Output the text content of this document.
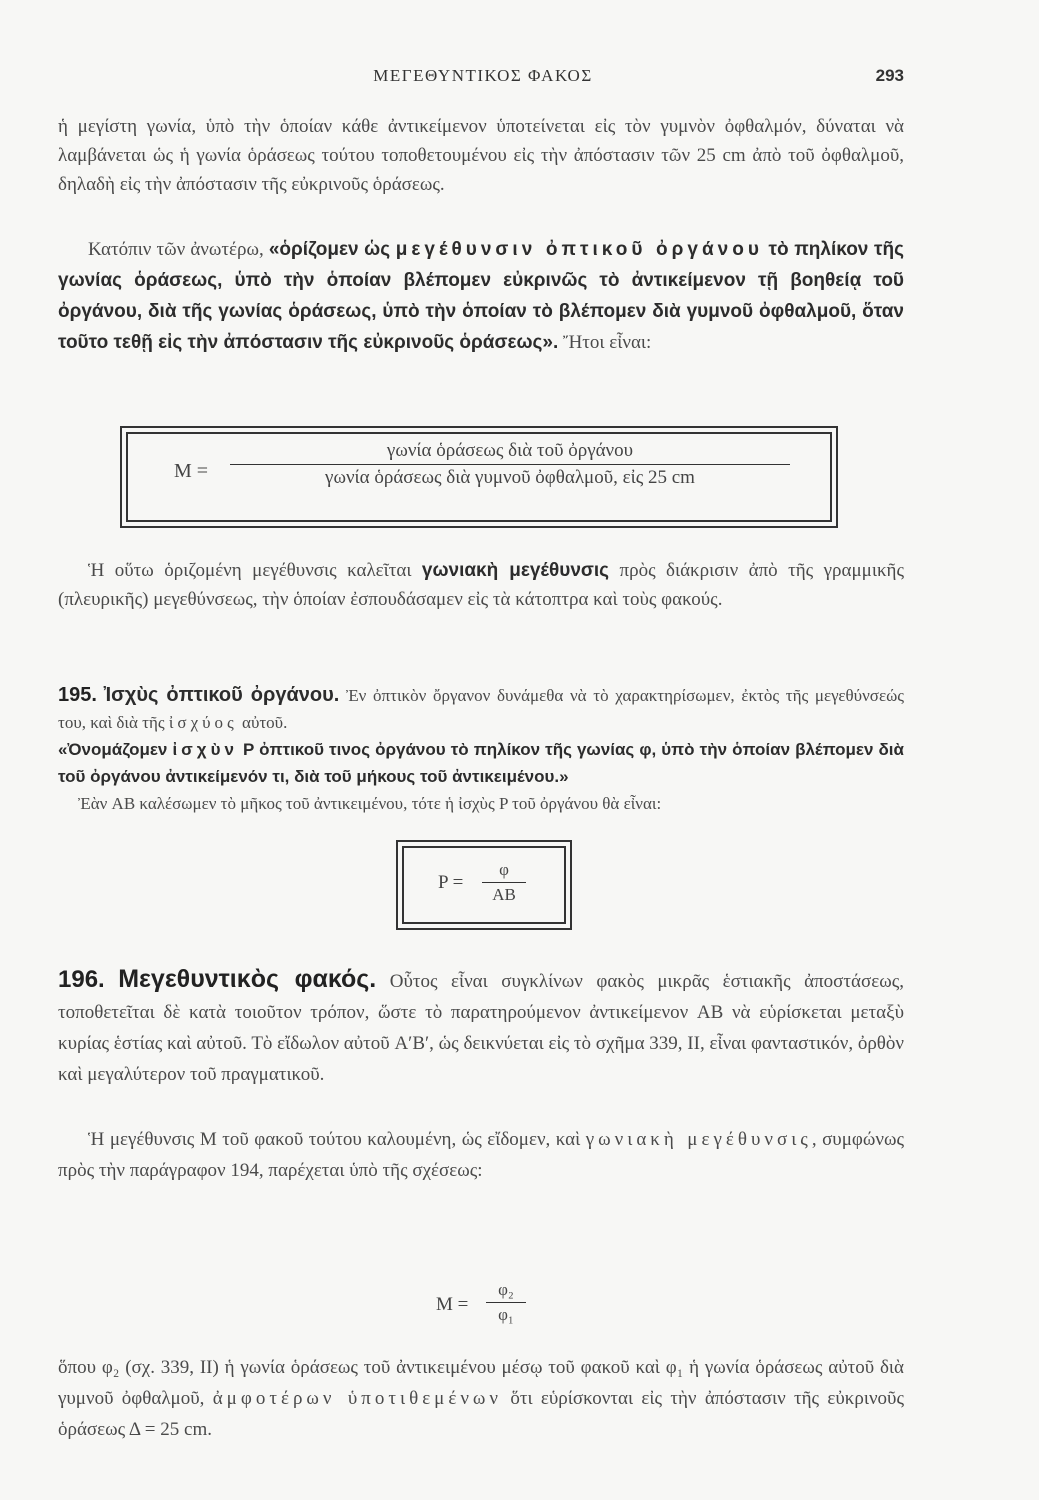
ΜΕΓΕΘΥΝΤΙΚΟΣ ΦΑΚΟΣ	293

ἡ μεγίστη γωνία, ὑπὸ τὴν ὁποίαν κάθε ἀντικείμενον ὑποτείνεται εἰς τὸν γυμνὸν ὀφθαλμόν, δύναται νὰ λαμβάνεται ὡς ἡ γωνία ὁράσεως τούτου τοποθετουμένου εἰς τὴν ἀπόστασιν τῶν 25 cm ἀπὸ τοῦ ὀφθαλμοῦ, δηλαδὴ εἰς τὴν ἀπόστασιν τῆς εὐκρινοῦς ὁράσεως.

Κατόπιν τῶν ἀνωτέρω, «ὁρίζομεν ὡς μεγέθυνσιν ὀπτικοῦ ὀργάνου τὸ πηλίκον τῆς γωνίας ὁράσεως, ὑπὸ τὴν ὁποίαν βλέπομεν εὐκρινῶς τὸ ἀντικείμενον τῇ βοηθείᾳ τοῦ ὀργάνου, διὰ τῆς γωνίας ὁράσεως, ὑπὸ τὴν ὁποίαν τὸ βλέπομεν διὰ γυμνοῦ ὀφθαλμοῦ, ὅταν τοῦτο τεθῇ εἰς τὴν ἀπόστασιν τῆς εὐκρινοῦς ὁράσεως». Ἤτοι εἶναι:

M =
γωνία ὁράσεως διὰ τοῦ ὀργάνου
γωνία ὁράσεως διὰ γυμνοῦ ὀφθαλμοῦ, εἰς 25 cm

Ἡ οὕτω ὁριζομένη μεγέθυνσις καλεῖται γωνιακὴ μεγέθυνσις πρὸς διάκρισιν ἀπὸ τῆς γραμμικῆς (πλευρικῆς) μεγεθύνσεως, τὴν ὁποίαν ἐσπουδάσαμεν εἰς τὰ κάτοπτρα καὶ τοὺς φακούς.

195. Ἰσχὺς ὀπτικοῦ ὀργάνου. Ἐν ὀπτικὸν ὄργανον δυνάμεθα νὰ τὸ χαρακτηρίσωμεν, ἐκτὸς τῆς μεγεθύνσεώς του, καὶ διὰ τῆς ἰσχύος αὐτοῦ.
«Ὀνομάζομεν ἰσχὺν P ὀπτικοῦ τινος ὀργάνου τὸ πηλίκον τῆς γωνίας φ, ὑπὸ τὴν ὁποίαν βλέπομεν διὰ τοῦ ὀργάνου ἀντικείμενόν τι, διὰ τοῦ μήκους τοῦ ἀντικειμένου.»
Ἐὰν AB καλέσωμεν τὸ μῆκος τοῦ ἀντικειμένου, τότε ἡ ἰσχὺς P τοῦ ὀργάνου θὰ εἶναι:

$P = \frac{\varphi}{AB}$

196. Μεγεθυντικὸς φακός. Οὗτος εἶναι συγκλίνων φακὸς μικρᾶς ἑστιακῆς ἀποστάσεως, τοποθετεῖται δὲ κατὰ τοιοῦτον τρόπον, ὥστε τὸ παρατηρούμενον ἀντικείμενον AB νὰ εὑρίσκεται μεταξὺ κυρίας ἑστίας καὶ αὐτοῦ. Τὸ εἴδωλον αὐτοῦ A′B′, ὡς δεικνύεται εἰς τὸ σχῆμα 339, II, εἶναι φανταστικόν, ὀρθὸν καὶ μεγαλύτερον τοῦ πραγματικοῦ.

Ἡ μεγέθυνσις M τοῦ φακοῦ τούτου καλουμένη, ὡς εἴδομεν, καὶ γωνιακὴ μεγέθυνσις, συμφώνως πρὸς τὴν παράγραφον 194, παρέχεται ὑπὸ τῆς σχέσεως:

$M = \frac{\text{φ₂}}{\text{φ₁}}$

ὅπου φ₂ (σχ. 339, II) ἡ γωνία ὁράσεως τοῦ ἀντικειμένου μέσῳ τοῦ φακοῦ καὶ φ₁ ἡ γωνία ὁράσεως αὐτοῦ διὰ γυμνοῦ ὀφθαλμοῦ, ἀμφοτέρων ὑποτιθεμένων ὅτι εὑρίσκονται εἰς τὴν ἀπόστασιν τῆς εὐκρινοῦς ὁράσεως Δ = 25 cm.
